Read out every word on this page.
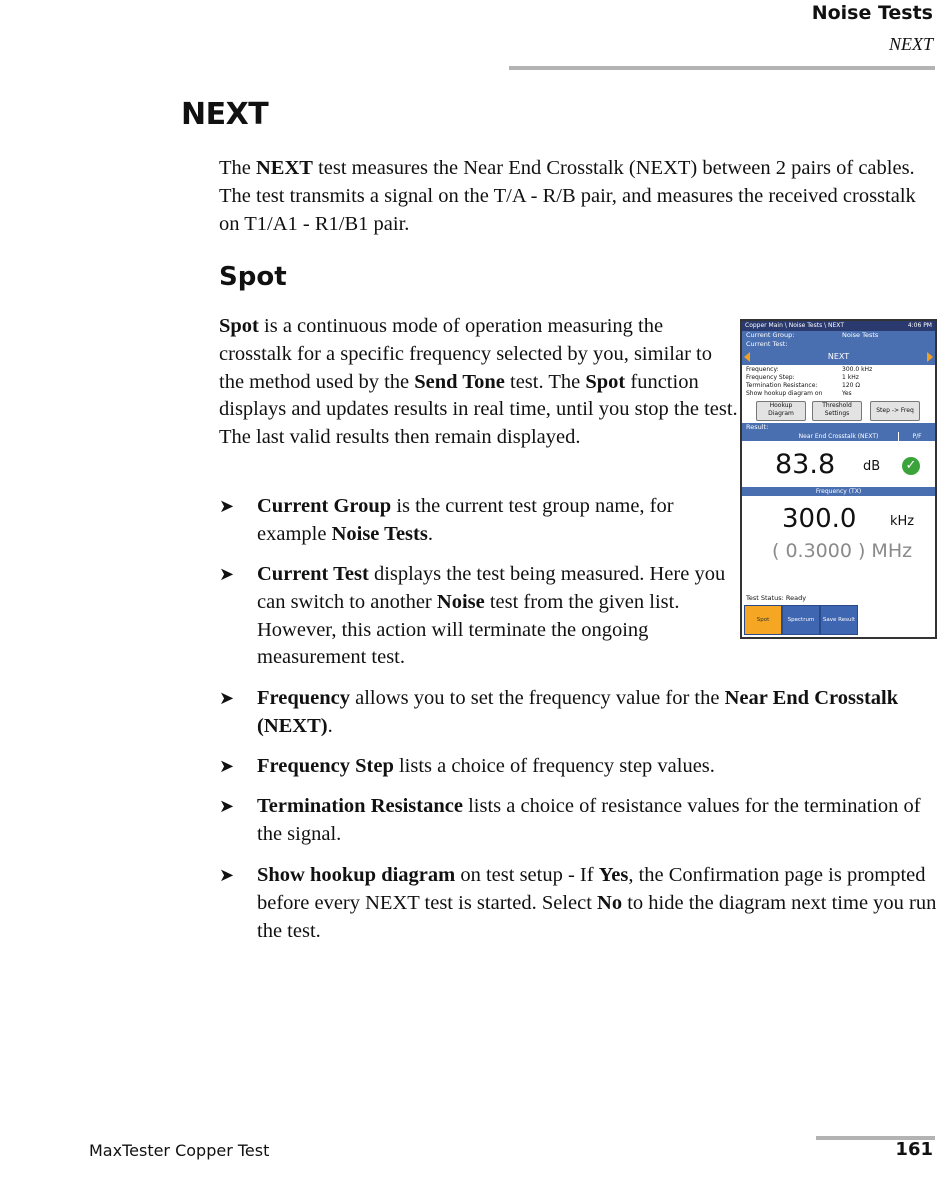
Noise Tests
NEXT
NEXT

The NEXT test measures the Near End Crosstalk (NEXT) between 2 pairs of cables. The test transmits a signal on the T/A - R/B pair, and measures the received crosstalk on T1/A1 - R1/B1 pair.

Spot

Spot is a continuous mode of operation measuring the crosstalk for a specific frequency selected by you, similar to the method used by the Send Tone test. The Spot function displays and updates results in real time, until you stop the test. The last valid results then remain displayed.

➤	Current Group is the current test group name, for example Noise Tests.

➤	Current Test displays the test being measured. Here you can switch to another Noise test from the given list. However, this action will terminate the ongoing measurement test.

➤	Frequency allows you to set the frequency value for the Near End Crosstalk (NEXT).

➤	Frequency Step lists a choice of frequency step values.

➤	Termination Resistance lists a choice of resistance values for the termination of the signal.

➤	Show hookup diagram on test setup - If Yes, the Confirmation page is prompted before every NEXT test is started. Select No to hide the diagram next time you run the test.

Copper Main \ Noise Tests \ NEXT	4:06 PM
Current Group:	Noise Tests
Current Test:
NEXT
Frequency:	300.0 kHz
Frequency Step:	1 kHz
Termination Resistance:	120 Ω
Show hookup diagram on	Yes
Hookup Diagram
Threshold Settings	Step -> Freq
Result:
Near End Crosstalk (NEXT)	P/F
83.8 dB ✓
Frequency (TX)
300.0	kHz
( 0.3000 ) MHz
Test Status: Ready
Spot	Spectrum	Save Result
MaxTester Copper Test	161
